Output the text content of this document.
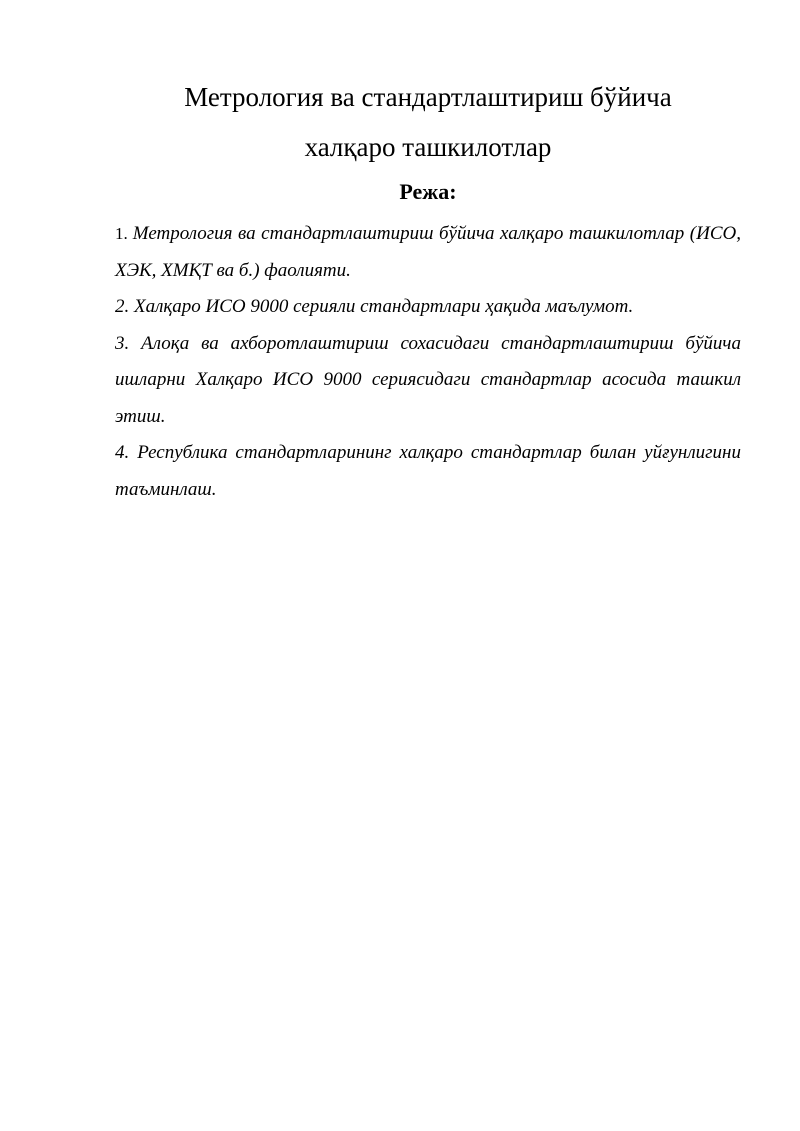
Метрология ва стандартлаштириш бўйича
халқаро ташкилотлар
Режа:
1. Метрология ва стандартлаштириш бўйича халқаро ташкилотлар (ИСО, ХЭК, ХМҚТ ва б.) фаолияти.
2. Халқаро ИСО 9000 серияли стандартлари ҳақида маълумот.
3. Алоқа ва ахборотлаштириш сохасидаги стандартлаштириш бўйича ишларни Халқаро ИСО 9000 сериясидаги стандартлар асосида ташкил этиш.
4. Республика стандартларининг халқаро стандартлар билан уйғунлигини таъминлаш.
